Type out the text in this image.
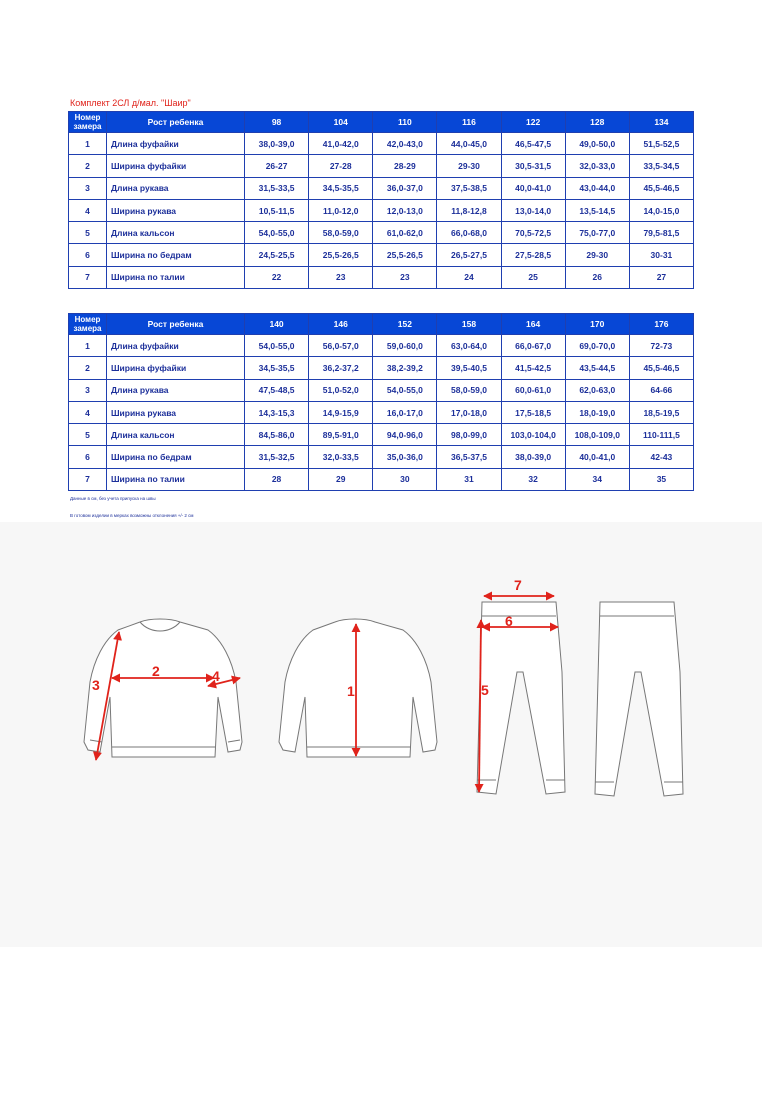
Комплект 2СЛ д/мал. "Шаир"
Номер замера	Рост ребенка	98	104	110	116	122	128	134
1	Длина фуфайки	38,0-39,0	41,0-42,0	42,0-43,0	44,0-45,0	46,5-47,5	49,0-50,0	51,5-52,5
2	Ширина фуфайки	26-27	27-28	28-29	29-30	30,5-31,5	32,0-33,0	33,5-34,5
3	Длина рукава	31,5-33,5	34,5-35,5	36,0-37,0	37,5-38,5	40,0-41,0	43,0-44,0	45,5-46,5
4	Ширина рукава	10,5-11,5	11,0-12,0	12,0-13,0	11,8-12,8	13,0-14,0	13,5-14,5	14,0-15,0
5	Длина кальсон	54,0-55,0	58,0-59,0	61,0-62,0	66,0-68,0	70,5-72,5	75,0-77,0	79,5-81,5
6	Ширина по бедрам	24,5-25,5	25,5-26,5	25,5-26,5	26,5-27,5	27,5-28,5	29-30	30-31
7	Ширина по талии	22	23	23	24	25	26	27
Номер замера	Рост ребенка	140	146	152	158	164	170	176
1	Длина фуфайки	54,0-55,0	56,0-57,0	59,0-60,0	63,0-64,0	66,0-67,0	69,0-70,0	72-73
2	Ширина фуфайки	34,5-35,5	36,2-37,2	38,2-39,2	39,5-40,5	41,5-42,5	43,5-44,5	45,5-46,5
3	Длина рукава	47,5-48,5	51,0-52,0	54,0-55,0	58,0-59,0	60,0-61,0	62,0-63,0	64-66
4	Ширина рукава	14,3-15,3	14,9-15,9	16,0-17,0	17,0-18,0	17,5-18,5	18,0-19,0	18,5-19,5
5	Длина кальсон	84,5-86,0	89,5-91,0	94,0-96,0	98,0-99,0	103,0-104,0	108,0-109,0	110-111,5
6	Ширина по бедрам	31,5-32,5	32,0-33,5	35,0-36,0	36,5-37,5	38,0-39,0	40,0-41,0	42-43
7	Ширина по талии	28	29	30	31	32	34	35
Данные в см, без учета припуска на швы
В готовом изделии в мерках возможны отклонения +/- 2 см
2	4
3	1
7
6
5
